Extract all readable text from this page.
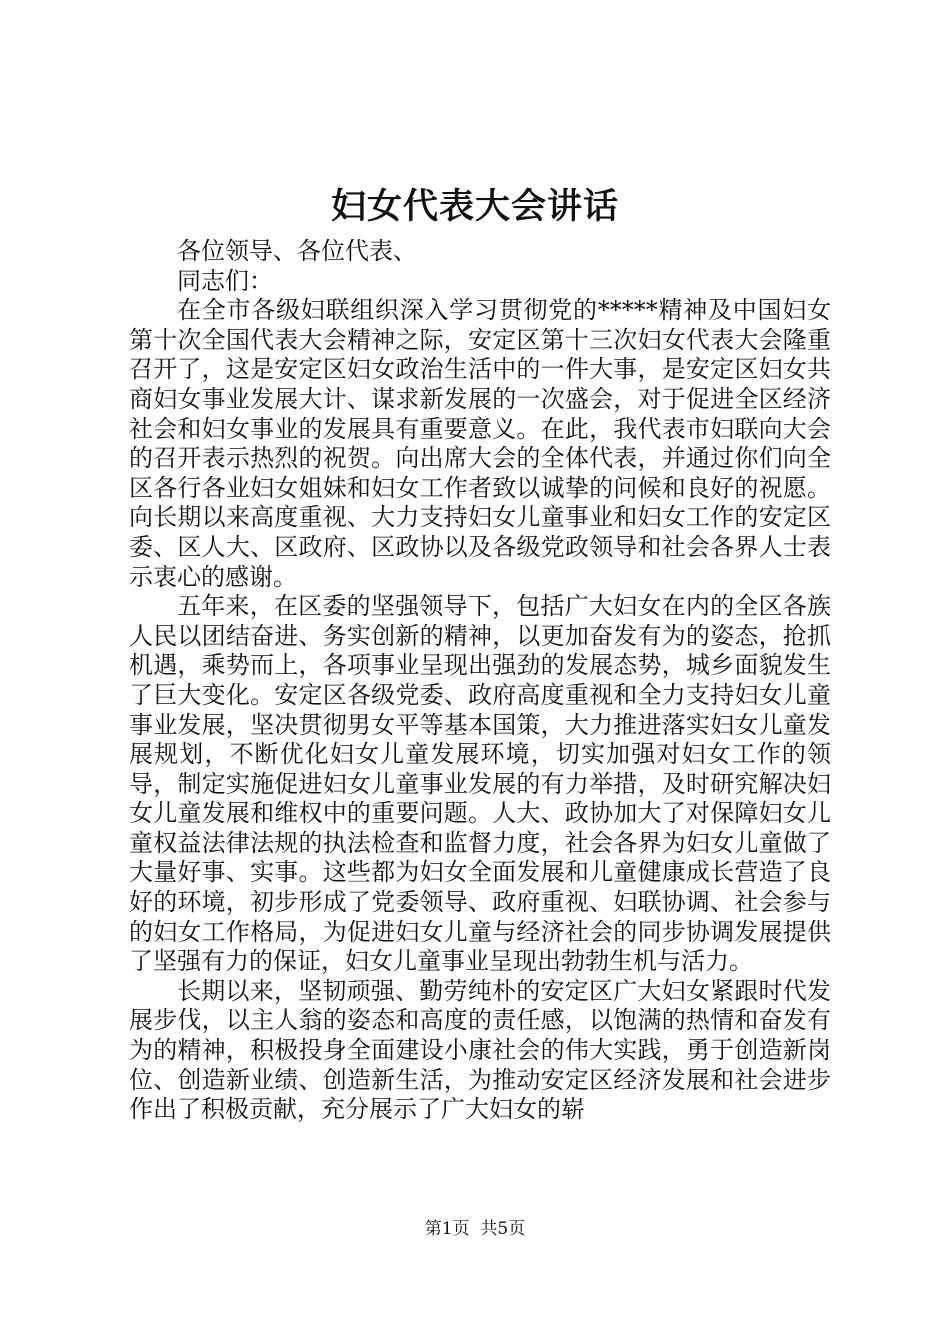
妇女代表大会讲话

各位领导、各位代表、

同志们：

在全市各级妇联组织深入学习贯彻党的*****精神及中国妇女第十次全国代表大会精神之际，安定区第十三次妇女代表大会隆重召开了，这是安定区妇女政治生活中的一件大事，是安定区妇女共商妇女事业发展大计、谋求新发展的一次盛会，对于促进全区经济社会和妇女事业的发展具有重要意义。在此，我代表市妇联向大会的召开表示热烈的祝贺。向出席大会的全体代表，并通过你们向全区各行各业妇女姐妹和妇女工作者致以诚挚的问候和良好的祝愿。向长期以来高度重视、大力支持妇女儿童事业和妇女工作的安定区委、区人大、区政府、区政协以及各级党政领导和社会各界人士表示衷心的感谢。

五年来，在区委的坚强领导下，包括广大妇女在内的全区各族人民以团结奋进、务实创新的精神，以更加奋发有为的姿态，抢抓机遇，乘势而上，各项事业呈现出强劲的发展态势，城乡面貌发生了巨大变化。安定区各级党委、政府高度重视和全力支持妇女儿童事业发展，坚决贯彻男女平等基本国策，大力推进落实妇女儿童发展规划，不断优化妇女儿童发展环境，切实加强对妇女工作的领导，制定实施促进妇女儿童事业发展的有力举措，及时研究解决妇女儿童发展和维权中的重要问题。人大、政协加大了对保障妇女儿童权益法律法规的执法检查和监督力度，社会各界为妇女儿童做了大量好事、实事。这些都为妇女全面发展和儿童健康成长营造了良好的环境，初步形成了党委领导、政府重视、妇联协调、社会参与的妇女工作格局，为促进妇女儿童与经济社会的同步协调发展提供了坚强有力的保证，妇女儿童事业呈现出勃勃生机与活力。

长期以来，坚韧顽强、勤劳纯朴的安定区广大妇女紧跟时代发展步伐，以主人翁的姿态和高度的责任感，以饱满的热情和奋发有为的精神，积极投身全面建设小康社会的伟大实践，勇于创造新岗位、创造新业绩、创造新生活，为推动安定区经济发展和社会进步作出了积极贡献，充分展示了广大妇女的崭

第1页  共5页
